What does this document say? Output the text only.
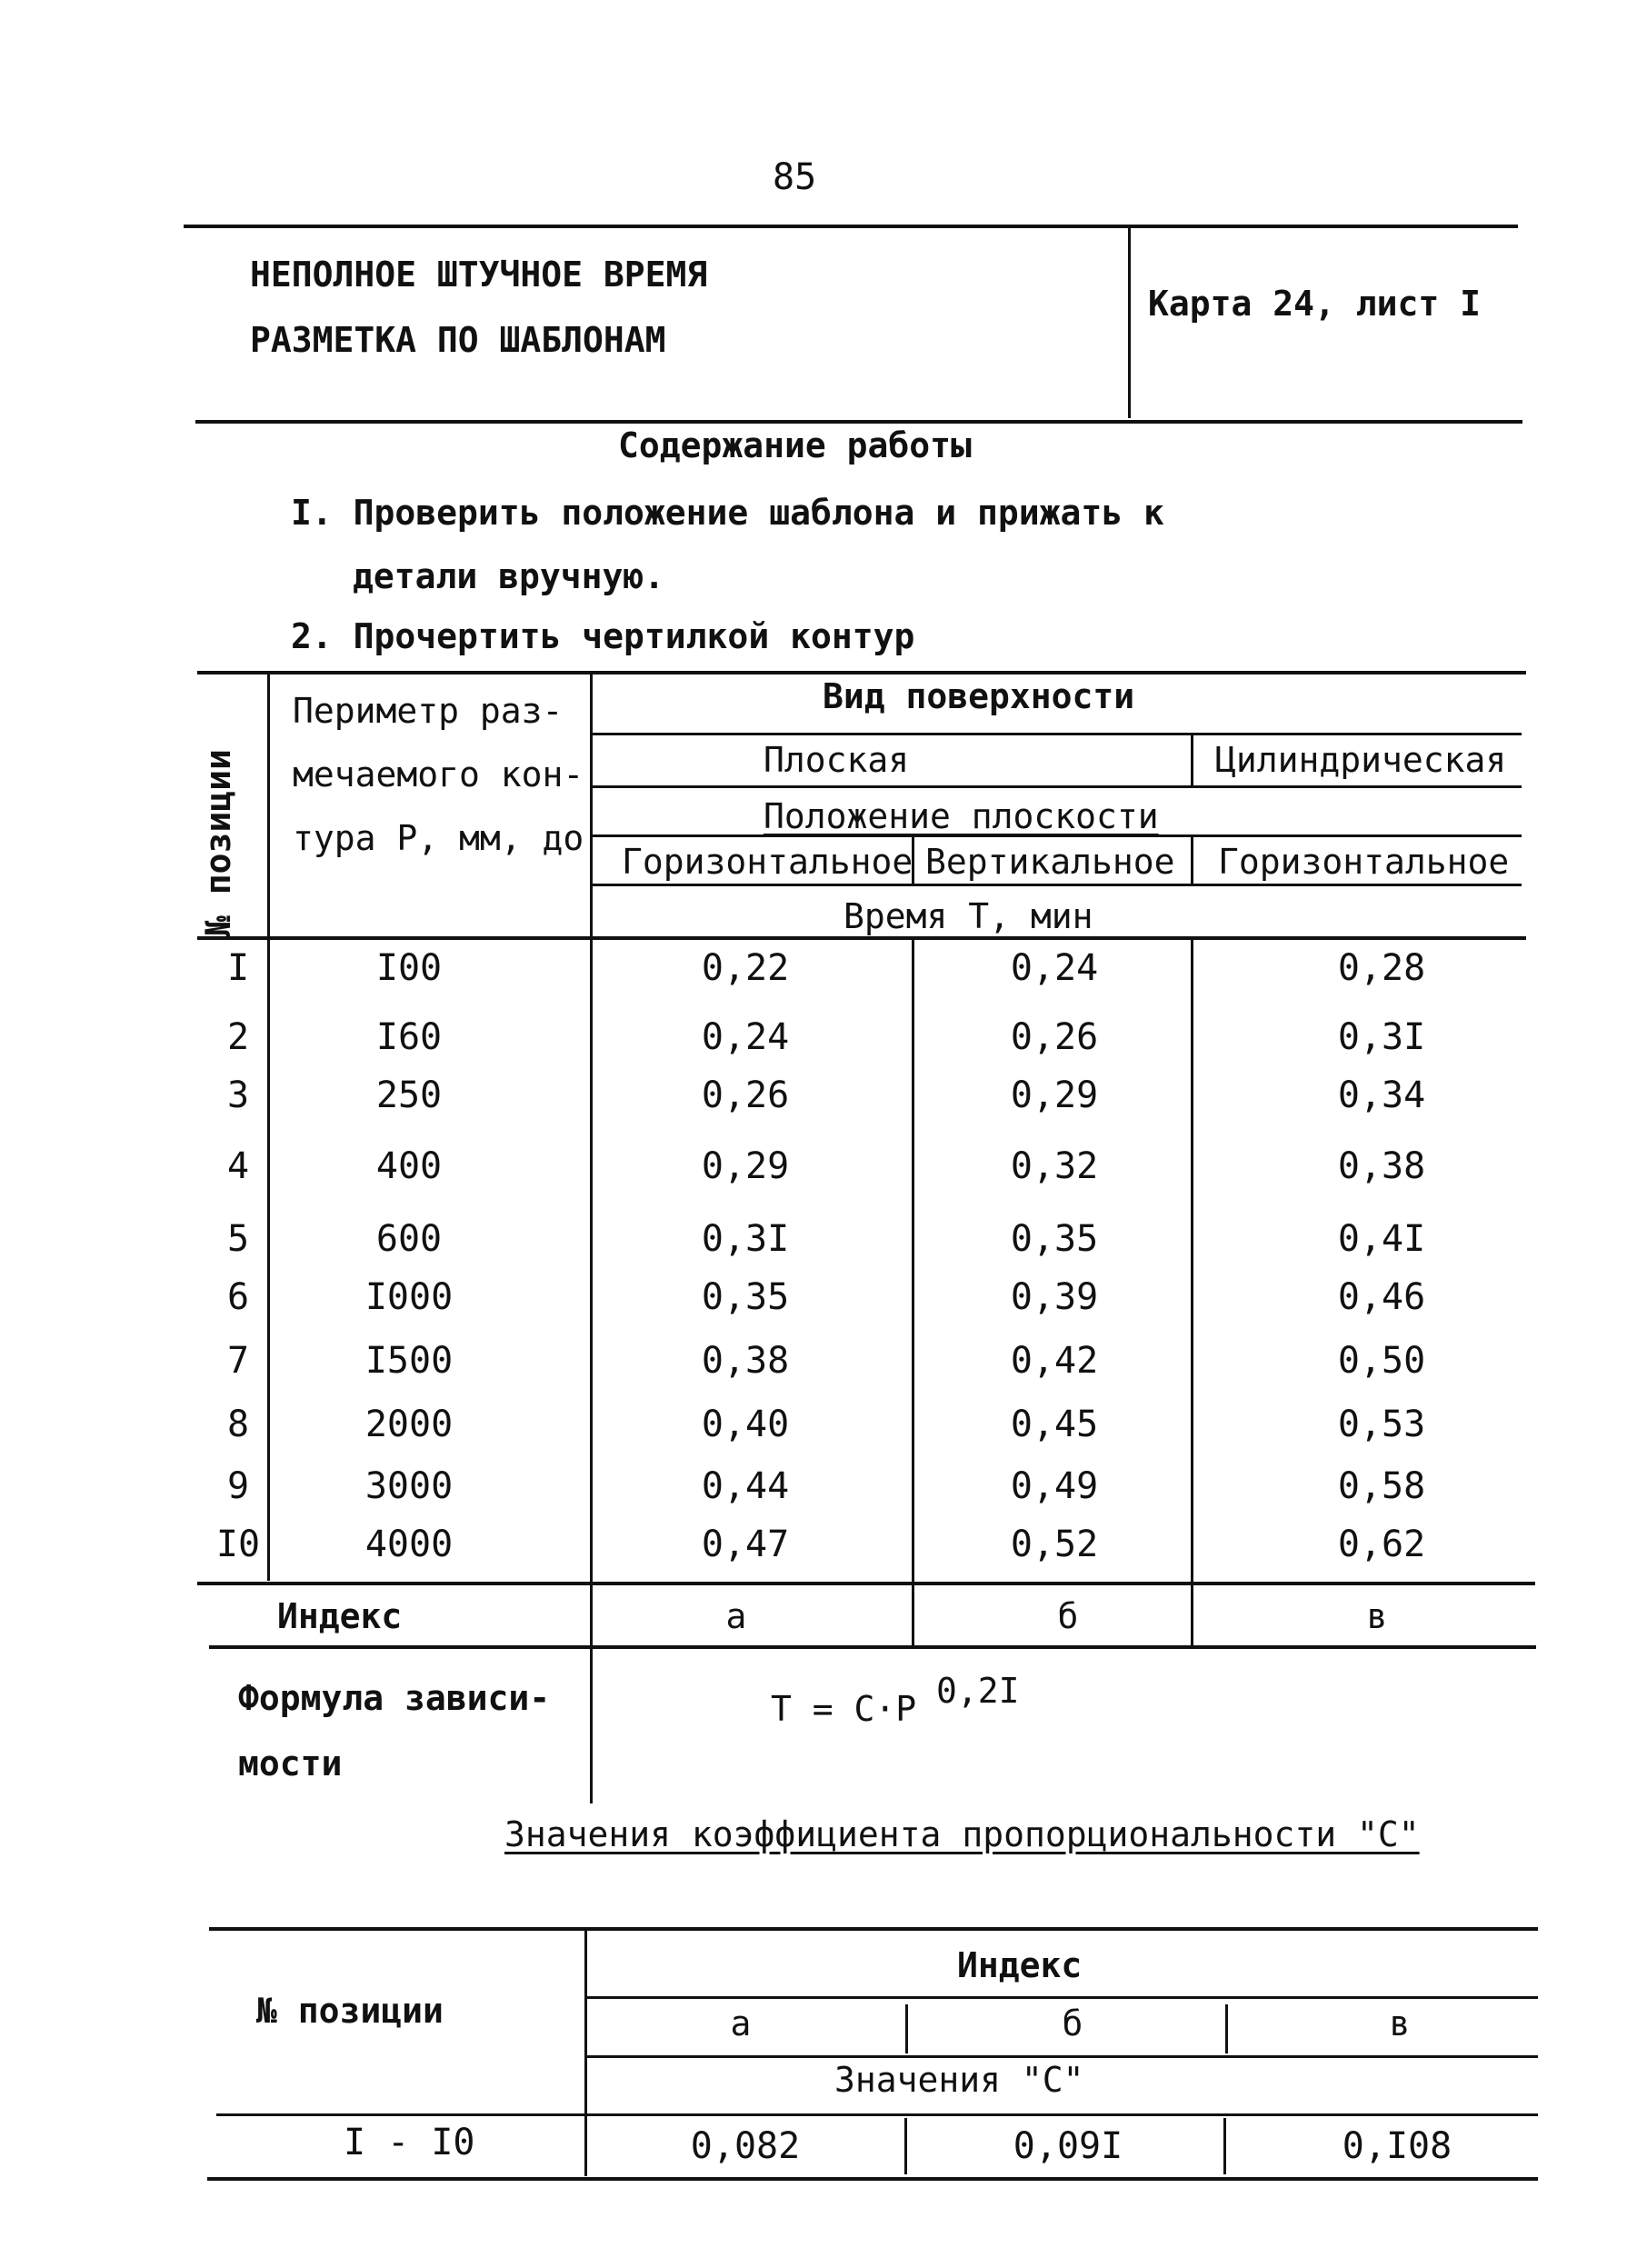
85
НЕПОЛНОЕ ШТУЧНОЕ ВРЕМЯ
РАЗМЕТКА ПО ШАБЛОНАМ
Карта 24, лист I
Содержание работы
I. Проверить положение шаблона и прижать к
детали вручную.
2. Прочертить чертилкой контур
№ позиции
Периметр раз-
мечаемого кон-
тура Р, мм, до
Вид поверхности
Плоская	Цилиндрическая
Положение плоскости
Горизонтальное Вертикальное Горизонтальное
Время Т, мин
I	I00	0,22	0,24	0,28
2	I60	0,24	0,26	0,3I
3	250	0,26	0,29	0,34
4	400	0,29	0,32	0,38
5	600	0,3I	0,35	0,4I
6	I000	0,35	0,39	0,46
7	I500	0,38	0,42	0,50
8	2000	0,40	0,45	0,53
9	3000	0,44	0,49	0,58
I0	4000	0,47	0,52	0,62
Индекс	а	б	в
Формула зависи-
мости
Т = С·Р 0,2I
Значения коэффициента пропорциональности "С"
№ позиции
Индекс
а	б	в
Значения "С"
I - I0	0,082	0,09I	0,I08
